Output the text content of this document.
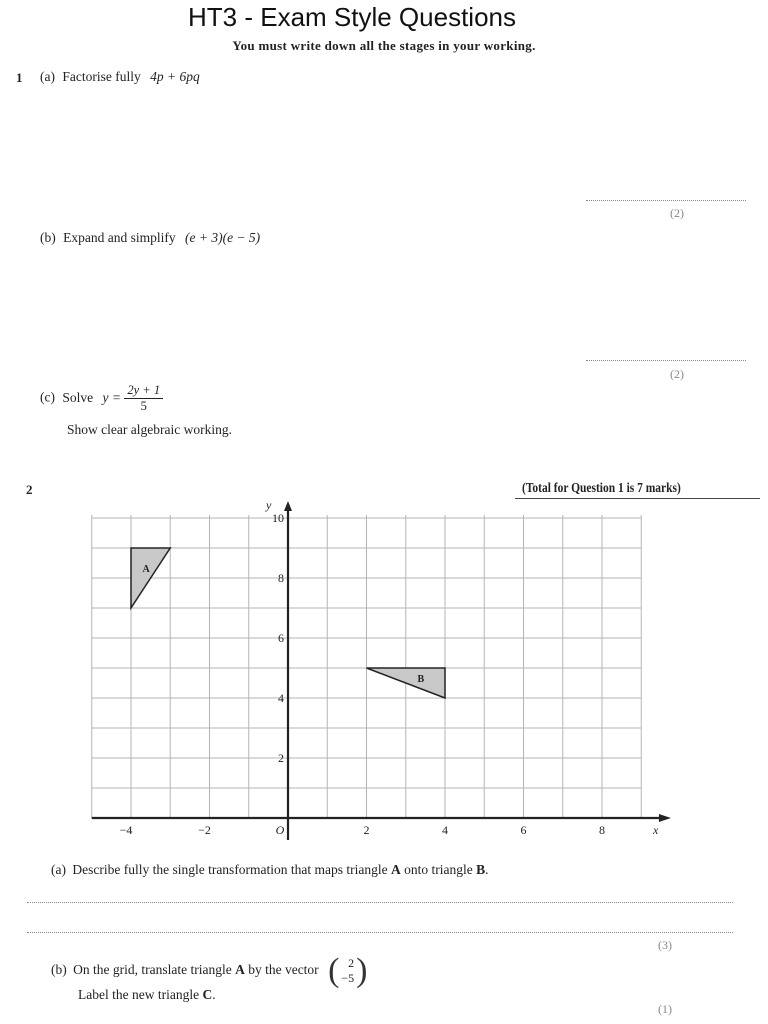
HT3 - Exam Style Questions
You must write down all the stages in your working.
1 (a) Factorise fully 4p + 6pq
(2)
(b) Expand and simplify (e + 3)(e − 5)
(2)
(c) Solve $y = \frac{2y + 1}{5}$
Show clear algebraic working.
(Total for Question 1 is 7 marks)
2
−4	−2	2	4	6	8
2
4
6
8
10
O	x
y
A
B
(a) Describe fully the single transformation that maps triangle A onto triangle B.
(3)
(b) On the grid, translate triangle A by the vector ( 2
−5 )
Label the new triangle C.
(1)
